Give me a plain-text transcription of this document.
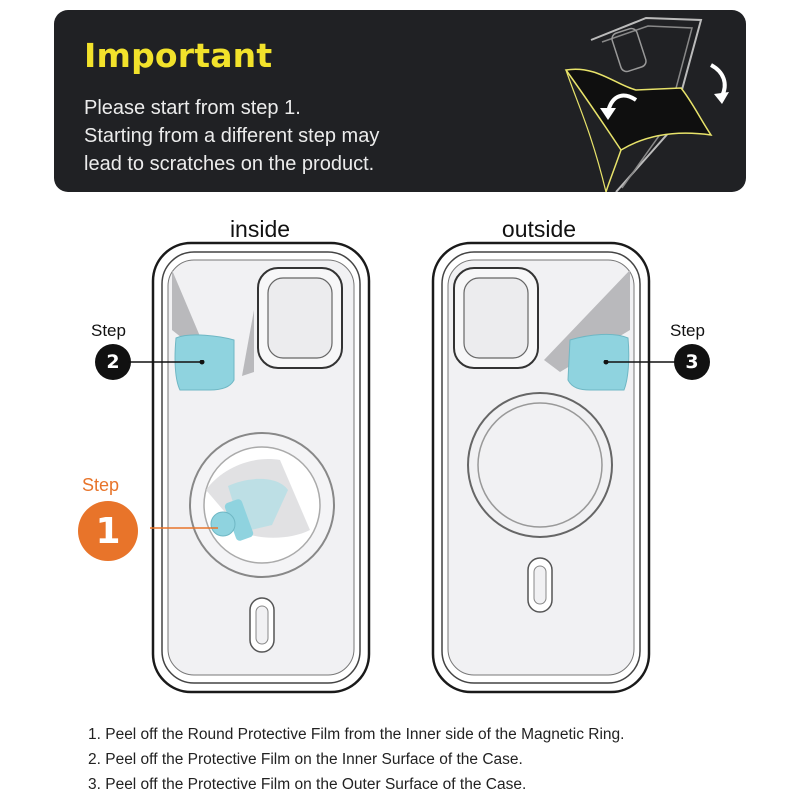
Important
Please start from step 1.
Starting from a different step may
lead to scratches on the product.
inside	outside
Step
2
Step
3
Step
1
1. Peel off the Round Protective Film from the Inner side of the Magnetic Ring.
2. Peel off the Protective Film on the Inner Surface of the Case.
3. Peel off the Protective Film on the Outer Surface of the Case.
